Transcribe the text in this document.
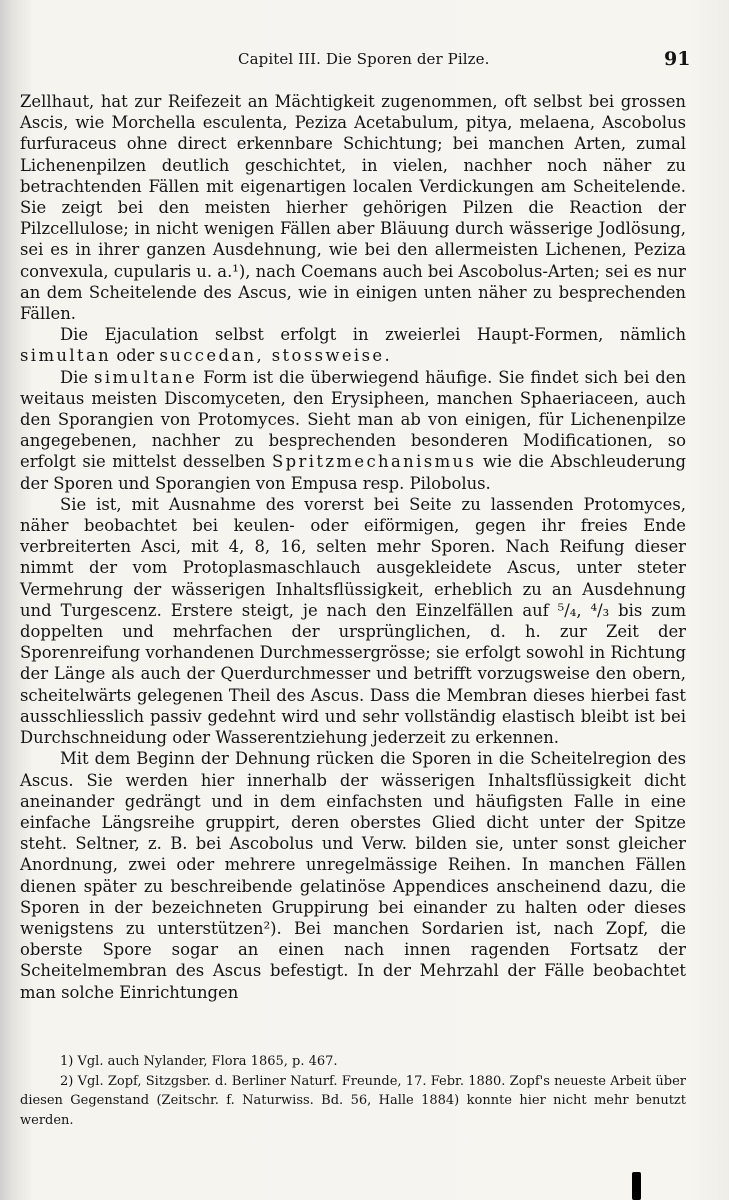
Capitel III. Die Sporen der Pilze.	91

Zellhaut, hat zur Reifezeit an Mächtigkeit zugenommen, oft selbst bei grossen Ascis, wie Morchella esculenta, Peziza Acetabulum, pitya, melaena, Ascobolus furfuraceus ohne direct erkennbare Schichtung; bei manchen Arten, zumal Lichenenpilzen deutlich geschichtet, in vielen, nachher noch näher zu betrachtenden Fällen mit eigenartigen localen Verdickungen am Scheitelende. Sie zeigt bei den meisten hierher gehörigen Pilzen die Reaction der Pilzcellulose; in nicht wenigen Fällen aber Bläuung durch wässerige Jodlösung, sei es in ihrer ganzen Ausdehnung, wie bei den allermeisten Lichenen, Peziza convexula, cupularis u. a.¹), nach Coemans auch bei Ascobolus-Arten; sei es nur an dem Scheitelende des Ascus, wie in einigen unten näher zu besprechenden Fällen.

Die Ejaculation selbst erfolgt in zweierlei Haupt-Formen, nämlich simultan oder succedan, stossweise.

Die simultane Form ist die überwiegend häufige. Sie findet sich bei den weitaus meisten Discomyceten, den Erysipheen, manchen Sphaeriaceen, auch den Sporangien von Protomyces. Sieht man ab von einigen, für Lichenenpilze angegebenen, nachher zu besprechenden besonderen Modificationen, so erfolgt sie mittelst desselben Spritzmechanismus wie die Abschleuderung der Sporen und Sporangien von Empusa resp. Pilobolus.

Sie ist, mit Ausnahme des vorerst bei Seite zu lassenden Protomyces, näher beobachtet bei keulen- oder eiförmigen, gegen ihr freies Ende verbreiterten Asci, mit 4, 8, 16, selten mehr Sporen. Nach Reifung dieser nimmt der vom Protoplasmaschlauch ausgekleidete Ascus, unter steter Vermehrung der wässerigen Inhaltsflüssigkeit, erheblich zu an Ausdehnung und Turgescenz. Erstere steigt, je nach den Einzelfällen auf ⁵/₄, ⁴/₃ bis zum doppelten und mehrfachen der ursprünglichen, d. h. zur Zeit der Sporenreifung vorhandenen Durchmessergrösse; sie erfolgt sowohl in Richtung der Länge als auch der Querdurchmesser und betrifft vorzugsweise den obern, scheitelwärts gelegenen Theil des Ascus. Dass die Membran dieses hierbei fast ausschliesslich passiv gedehnt wird und sehr vollständig elastisch bleibt ist bei Durchschneidung oder Wasserentziehung jederzeit zu erkennen.

Mit dem Beginn der Dehnung rücken die Sporen in die Scheitelregion des Ascus. Sie werden hier innerhalb der wässerigen Inhaltsflüssigkeit dicht aneinander gedrängt und in dem einfachsten und häufigsten Falle in eine einfache Längsreihe gruppirt, deren oberstes Glied dicht unter der Spitze steht. Seltner, z. B. bei Ascobolus und Verw. bilden sie, unter sonst gleicher Anordnung, zwei oder mehrere unregelmässige Reihen. In manchen Fällen dienen später zu beschreibende gelatinöse Appendices anscheinend dazu, die Sporen in der bezeichneten Gruppirung bei einander zu halten oder dieses wenigstens zu unterstützen²). Bei manchen Sordarien ist, nach Zopf, die oberste Spore sogar an einen nach innen ragenden Fortsatz der Scheitelmembran des Ascus befestigt. In der Mehrzahl der Fälle beobachtet man solche Einrichtungen

1) Vgl. auch Nylander, Flora 1865, p. 467.

2) Vgl. Zopf, Sitzgsber. d. Berliner Naturf. Freunde, 17. Febr. 1880. Zopf's neueste Arbeit über diesen Gegenstand (Zeitschr. f. Naturwiss. Bd. 56, Halle 1884) konnte hier nicht mehr benutzt werden.
